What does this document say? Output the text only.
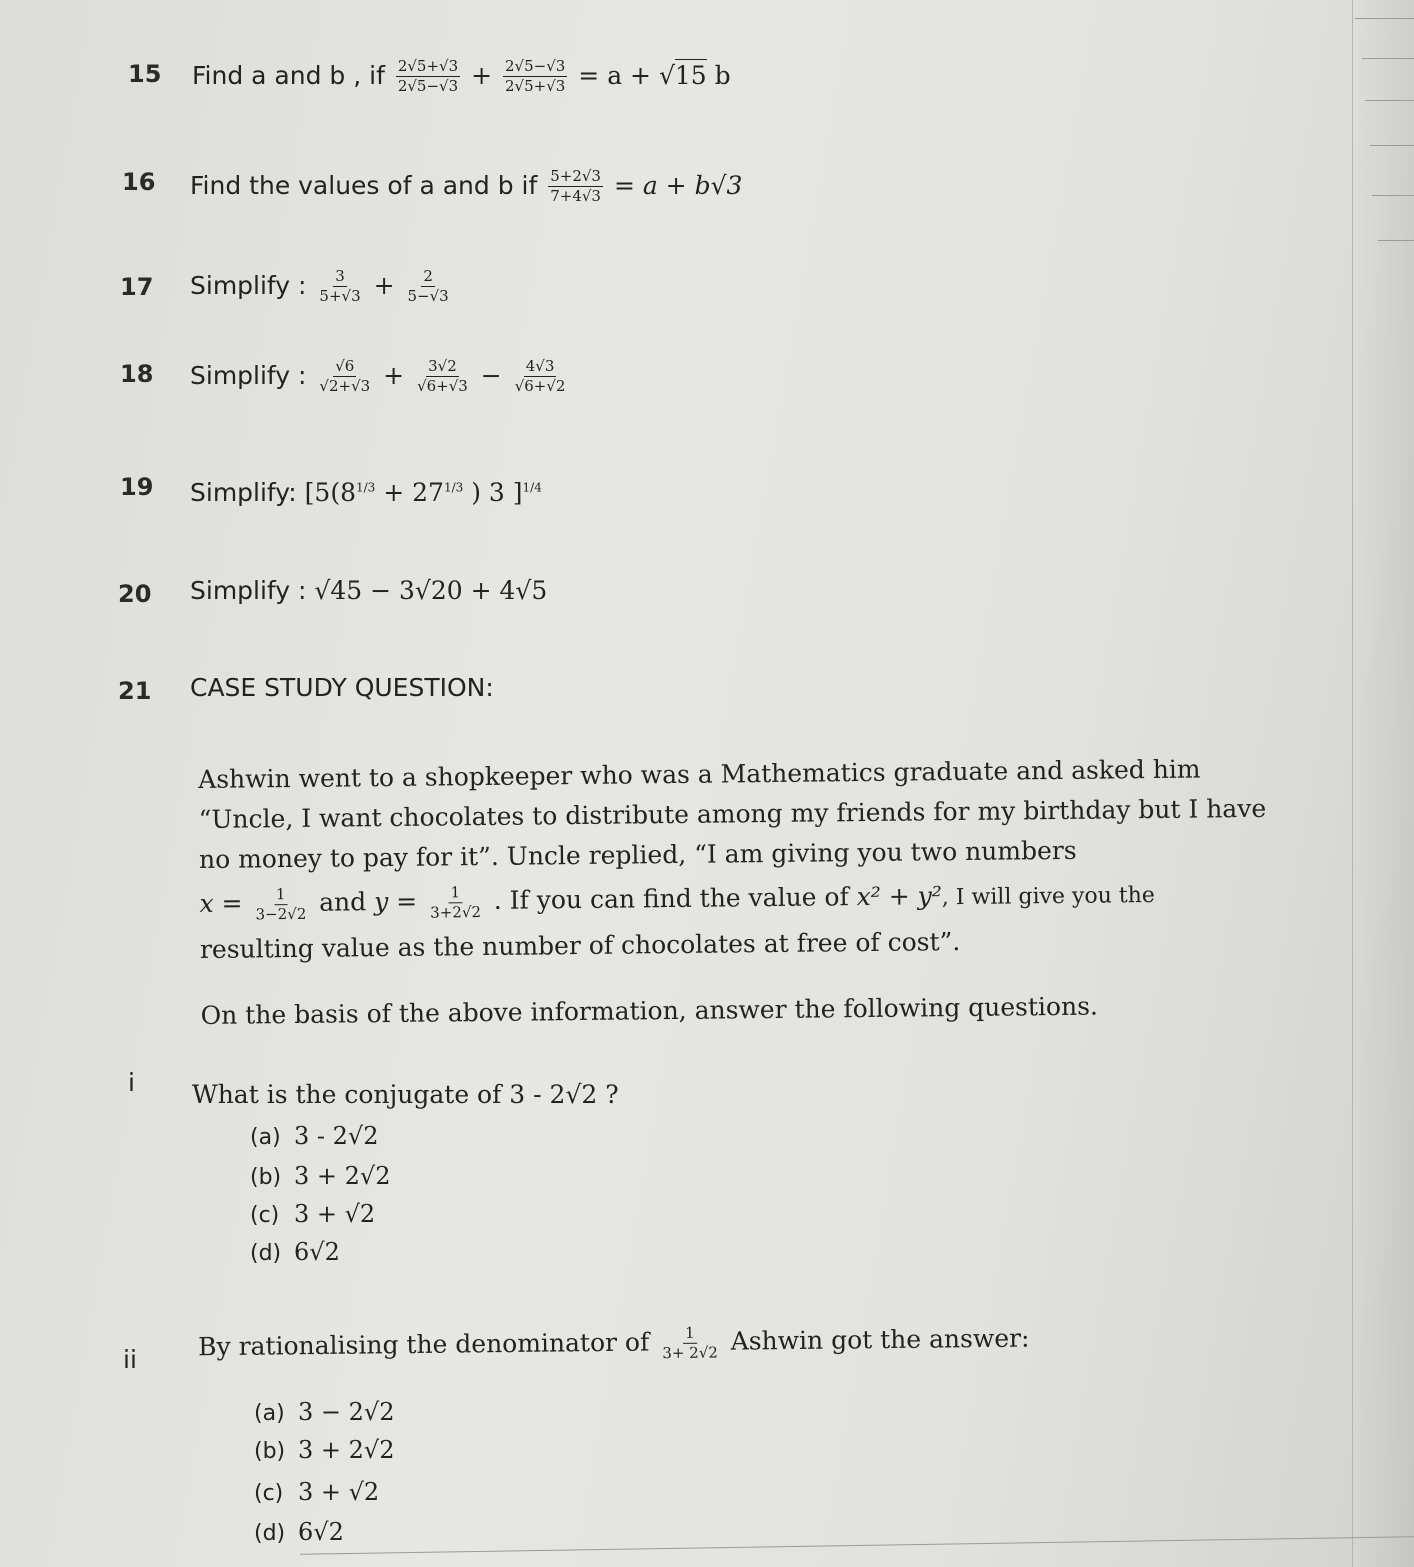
15 Find a and b , if $\frac{2√5+√3}{2√5-√3} + \frac{2√5-√3}{2√5+√3} = a + √15$ b
16 Find the values of a and b if $\frac{5+2√3}{7+4√3} = a + b√3$
17 Simplify : $\frac{3}{5+√3} + \frac{2}{5-√3}$
18 Simplify : $\frac{√6}{√2+√3} + \frac{3√2}{√6+√3} - \frac{4√3}{√6+√2}$
19 Simplify: [$5(8^{1/3} + 27^{1/3}$ ) 3 ]$^{1/4}$
20 Simplify : √45 − 3√20 + 4√5
21 CASE STUDY QUESTION:
Ashwin went to a shopkeeper who was a Mathematics graduate and asked him
“Uncle, I want chocolates to distribute among my friends for my birthday but I have
no money to pay for it”. Uncle replied, “I am giving you two numbers
$x = \frac{1}{3-2√2}$ and $y = \frac{1}{3+2√2}$ . If you can find the value of x² + y², I will give you the
resulting value as the number of chocolates at free of cost”.
On the basis of the above information, answer the following questions.
i What is the conjugate of 3 - 2√2 ?
(a) 3 - 2√2
(b) 3 + 2√2
(c) 3 + √2
(d) 6√2
ii By rationalising the denominator of $\frac{1}{3+ 2√2}$ Ashwin got the answer:
(a) 3 − 2√2
(b) 3 + 2√2
(c) 3 + √2
(d) 6√2
